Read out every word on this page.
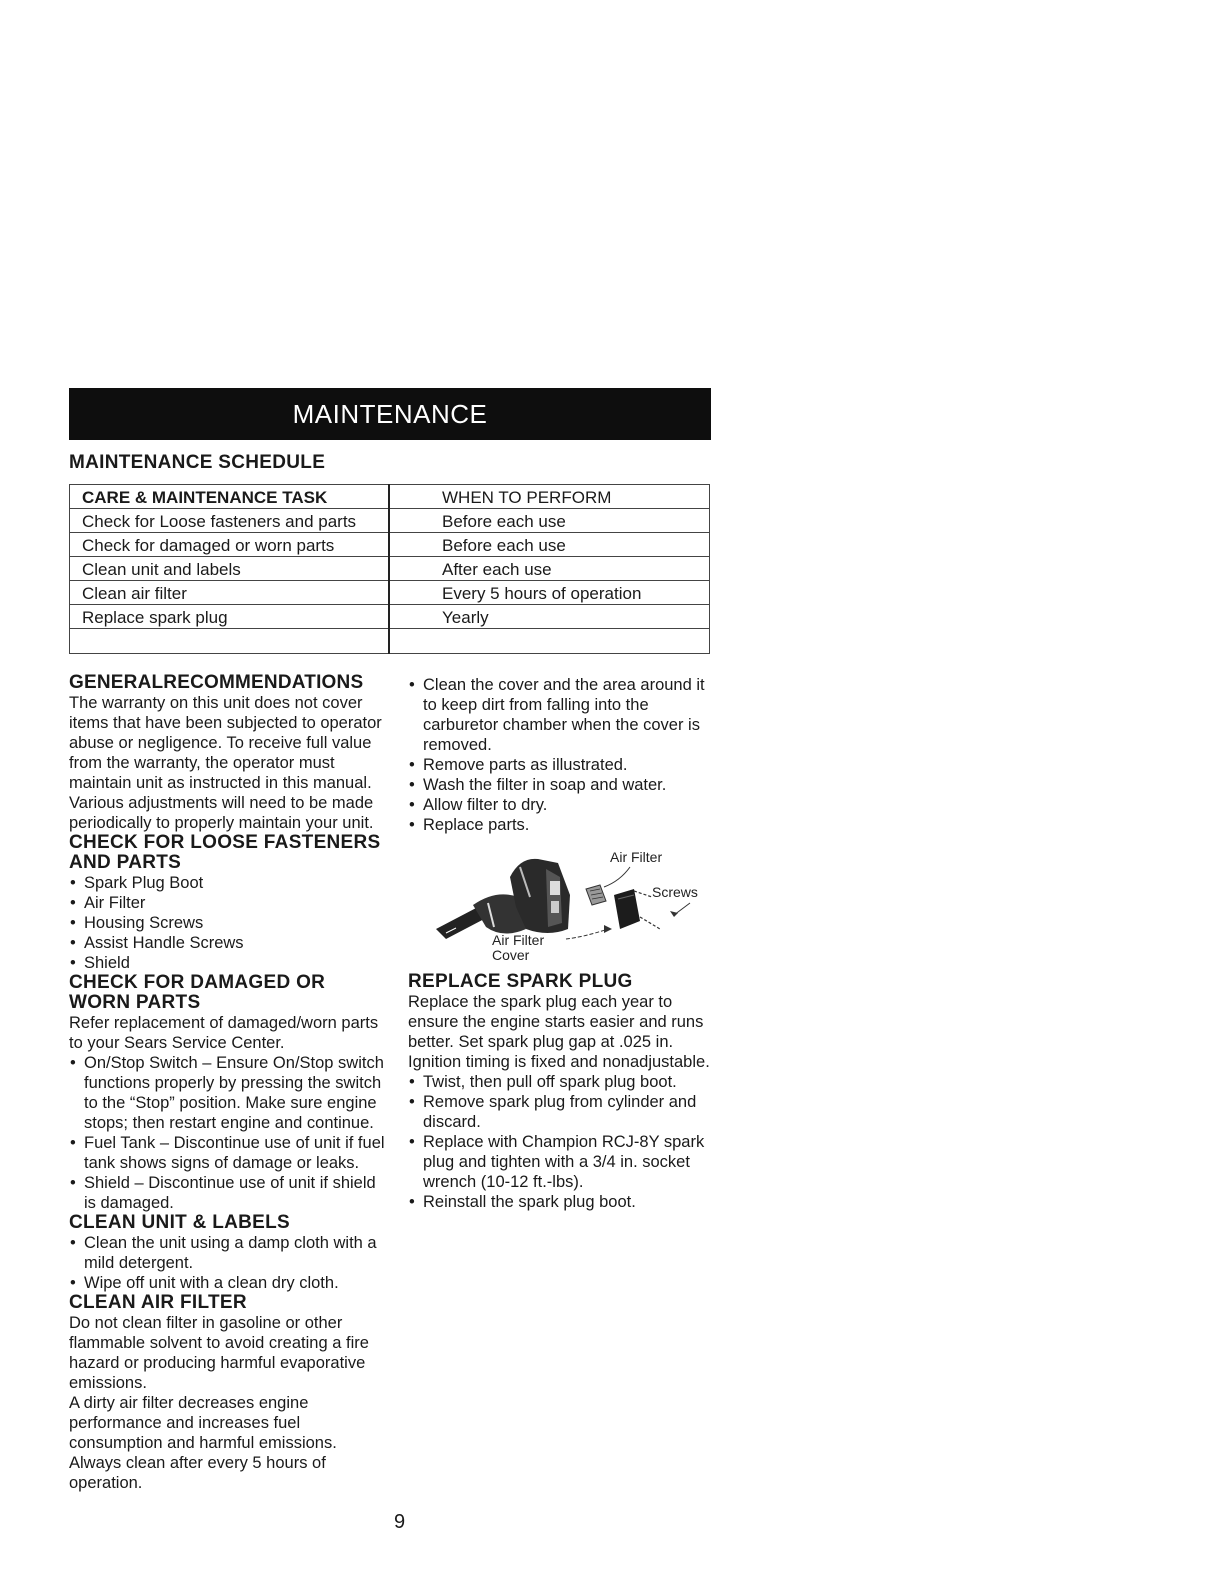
MAINTENANCE
MAINTENANCE SCHEDULE
CARE & MAINTENANCE TASK	WHEN TO PERFORM
Check for Loose fasteners and parts	Before each use
Check for damaged or worn parts	Before each use
Clean unit and labels	After each use
Clean air filter	Every 5 hours of operation
Replace spark plug	Yearly

GENERALRECOMMENDATIONS

The warranty on this unit does not cover items that have been subjected to operator abuse or negligence. To receive full value from the warranty, the operator must maintain unit as instructed in this manual. Various adjustments will need to be made periodically to properly maintain your unit.

CHECK FOR LOOSE FASTENERS AND PARTS
• Spark Plug Boot
• Air Filter
• Housing Screws
• Assist Handle Screws
• Shield
CHECK FOR DAMAGED OR WORN PARTS

Refer replacement of damaged/worn parts to your Sears Service Center.

• On/Stop Switch – Ensure On/Stop switch functions properly by pressing the switch to the “Stop” position. Make sure engine stops; then restart engine and continue.
• Fuel Tank – Discontinue use of unit if fuel tank shows signs of damage or leaks.
• Shield – Discontinue use of unit if shield is damaged.
CLEAN UNIT & LABELS
• Clean the unit using a damp cloth with a mild detergent.
• Wipe off unit with a clean dry cloth.
CLEAN AIR FILTER

Do not clean filter in gasoline or other flammable solvent to avoid creating a fire hazard or producing harmful evaporative emissions.

A dirty air filter decreases engine performance and increases fuel consumption and harmful emissions. Always clean after every 5 hours of operation.

• Clean the cover and the area around it to keep dirt from falling into the carburetor chamber when the cover is removed.
• Remove parts as illustrated.
• Wash the filter in soap and water.
• Allow filter to dry.
• Replace parts.
Air Filter
Screws
Air Filter Cover
REPLACE SPARK PLUG

Replace the spark plug each year to ensure the engine starts easier and runs better. Set spark plug gap at .025 in. Ignition timing is fixed and nonadjustable.

• Twist, then pull off spark plug boot.
• Remove spark plug from cylinder and discard.
• Replace with Champion RCJ-8Y spark plug and tighten with a 3/4 in. socket wrench (10-12 ft.-lbs).
• Reinstall the spark plug boot.
9
